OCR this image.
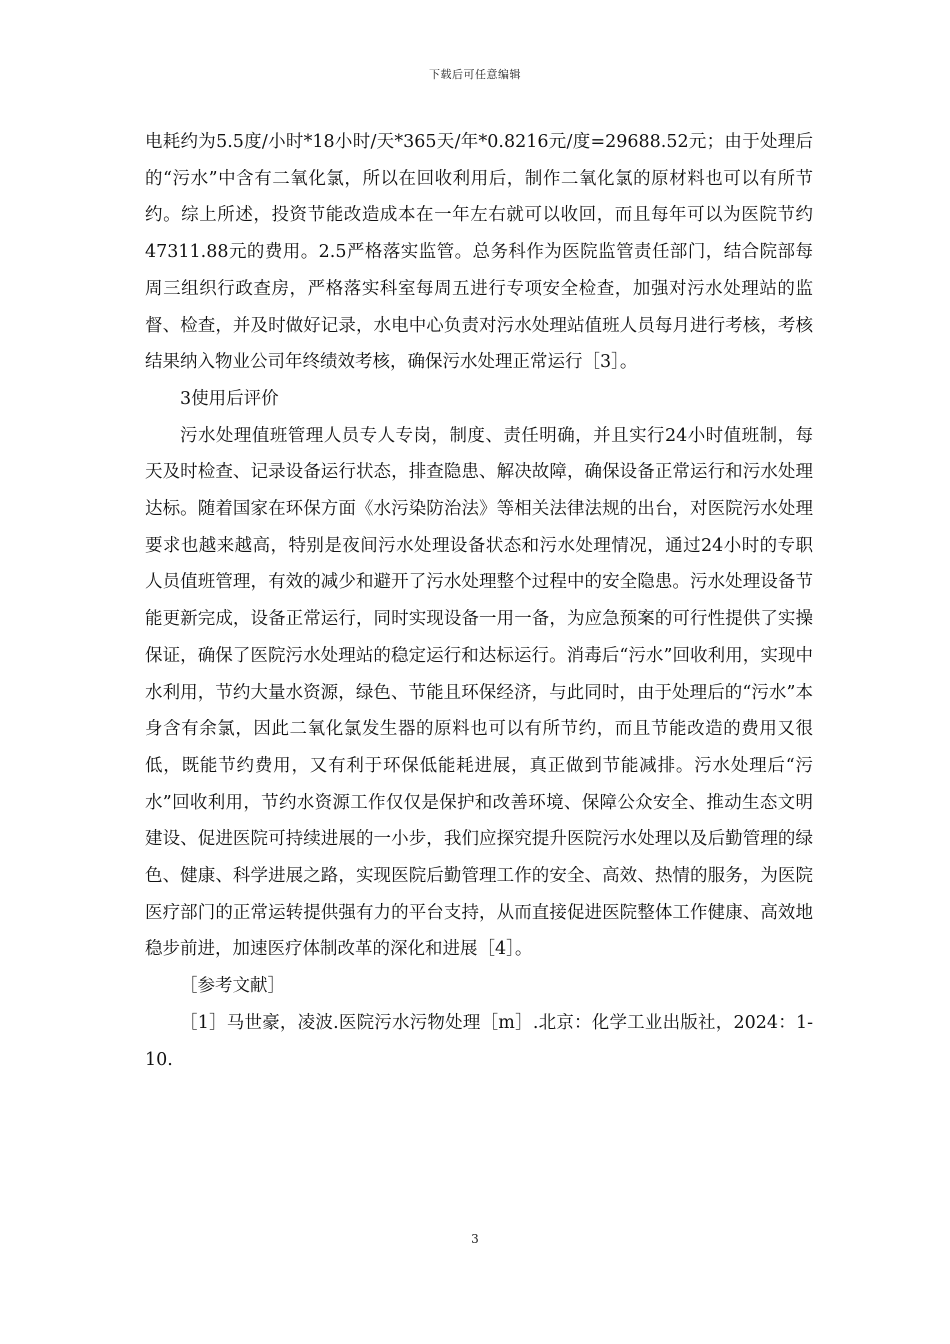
下载后可任意编辑

电耗约为5.5度/小时*18小时/天*365天/年*0.8216元/度=29688.52元；由于处理后的“污水”中含有二氧化氯，所以在回收利用后，制作二氧化氯的原材料也可以有所节约。综上所述，投资节能改造成本在一年左右就可以收回，而且每年可以为医院节约47311.88元的费用。2.5严格落实监管。总务科作为医院监管责任部门，结合院部每周三组织行政查房，严格落实科室每周五进行专项安全检查，加强对污水处理站的监督、检查，并及时做好记录，水电中心负责对污水处理站值班人员每月进行考核，考核结果纳入物业公司年终绩效考核，确保污水处理正常运行［3］。

3使用后评价

污水处理值班管理人员专人专岗，制度、责任明确，并且实行24小时值班制，每天及时检查、记录设备运行状态，排查隐患、解决故障，确保设备正常运行和污水处理达标。随着国家在环保方面《水污染防治法》等相关法律法规的出台，对医院污水处理要求也越来越高，特别是夜间污水处理设备状态和污水处理情况，通过24小时的专职人员值班管理，有效的减少和避开了污水处理整个过程中的安全隐患。污水处理设备节能更新完成，设备正常运行，同时实现设备一用一备，为应急预案的可行性提供了实操保证，确保了医院污水处理站的稳定运行和达标运行。消毒后“污水”回收利用，实现中水利用，节约大量水资源，绿色、节能且环保经济，与此同时，由于处理后的“污水”本身含有余氯，因此二氧化氯发生器的原料也可以有所节约，而且节能改造的费用又很低，既能节约费用，又有利于环保低能耗进展，真正做到节能减排。污水处理后“污水”回收利用，节约水资源工作仅仅是保护和改善环境、保障公众安全、推动生态文明建设、促进医院可持续进展的一小步，我们应探究提升医院污水处理以及后勤管理的绿色、健康、科学进展之路，实现医院后勤管理工作的安全、高效、热情的服务，为医院医疗部门的正常运转提供强有力的平台支持，从而直接促进医院整体工作健康、高效地稳步前进，加速医疗体制改革的深化和进展［4］。

［参考文献］

［1］马世豪，凌波.医院污水污物处理［m］.北京：化学工业出版社，2024：1-10.

3
